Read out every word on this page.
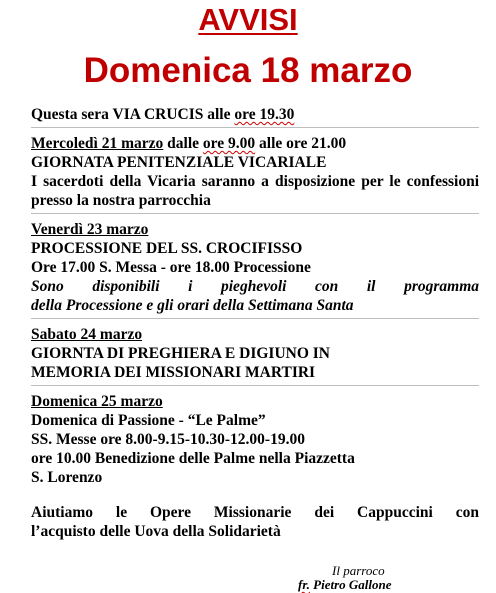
AVVISI
Domenica 18 marzo
Questa sera VIA CRUCIS alle ore 19.30
Mercoledì 21 marzo dalle ore 9.00 alle ore 21.00
GIORNATA PENITENZIALE VICARIALE
I sacerdoti della Vicaria saranno a disposizione per le confessioni presso la nostra parrocchia
Venerdì 23 marzo
PROCESSIONE DEL SS. CROCIFISSO
Ore 17.00 S. Messa - ore 18.00 Processione
Sono disponibili i pieghevoli con il programma
della Processione e gli orari della Settimana Santa
Sabato 24 marzo
GIORNTA DI PREGHIERA E DIGIUNO IN
MEMORIA DEI MISSIONARI MARTIRI
Domenica 25 marzo
Domenica di Passione - “Le Palme”
SS. Messe ore 8.00-9.15-10.30-12.00-19.00
ore 10.00 Benedizione delle Palme nella Piazzetta
S. Lorenzo
Aiutiamo le Opere Missionarie dei Cappuccini con
l’acquisto delle Uova della Solidarietà
Il parroco
fr. Pietro Gallone
